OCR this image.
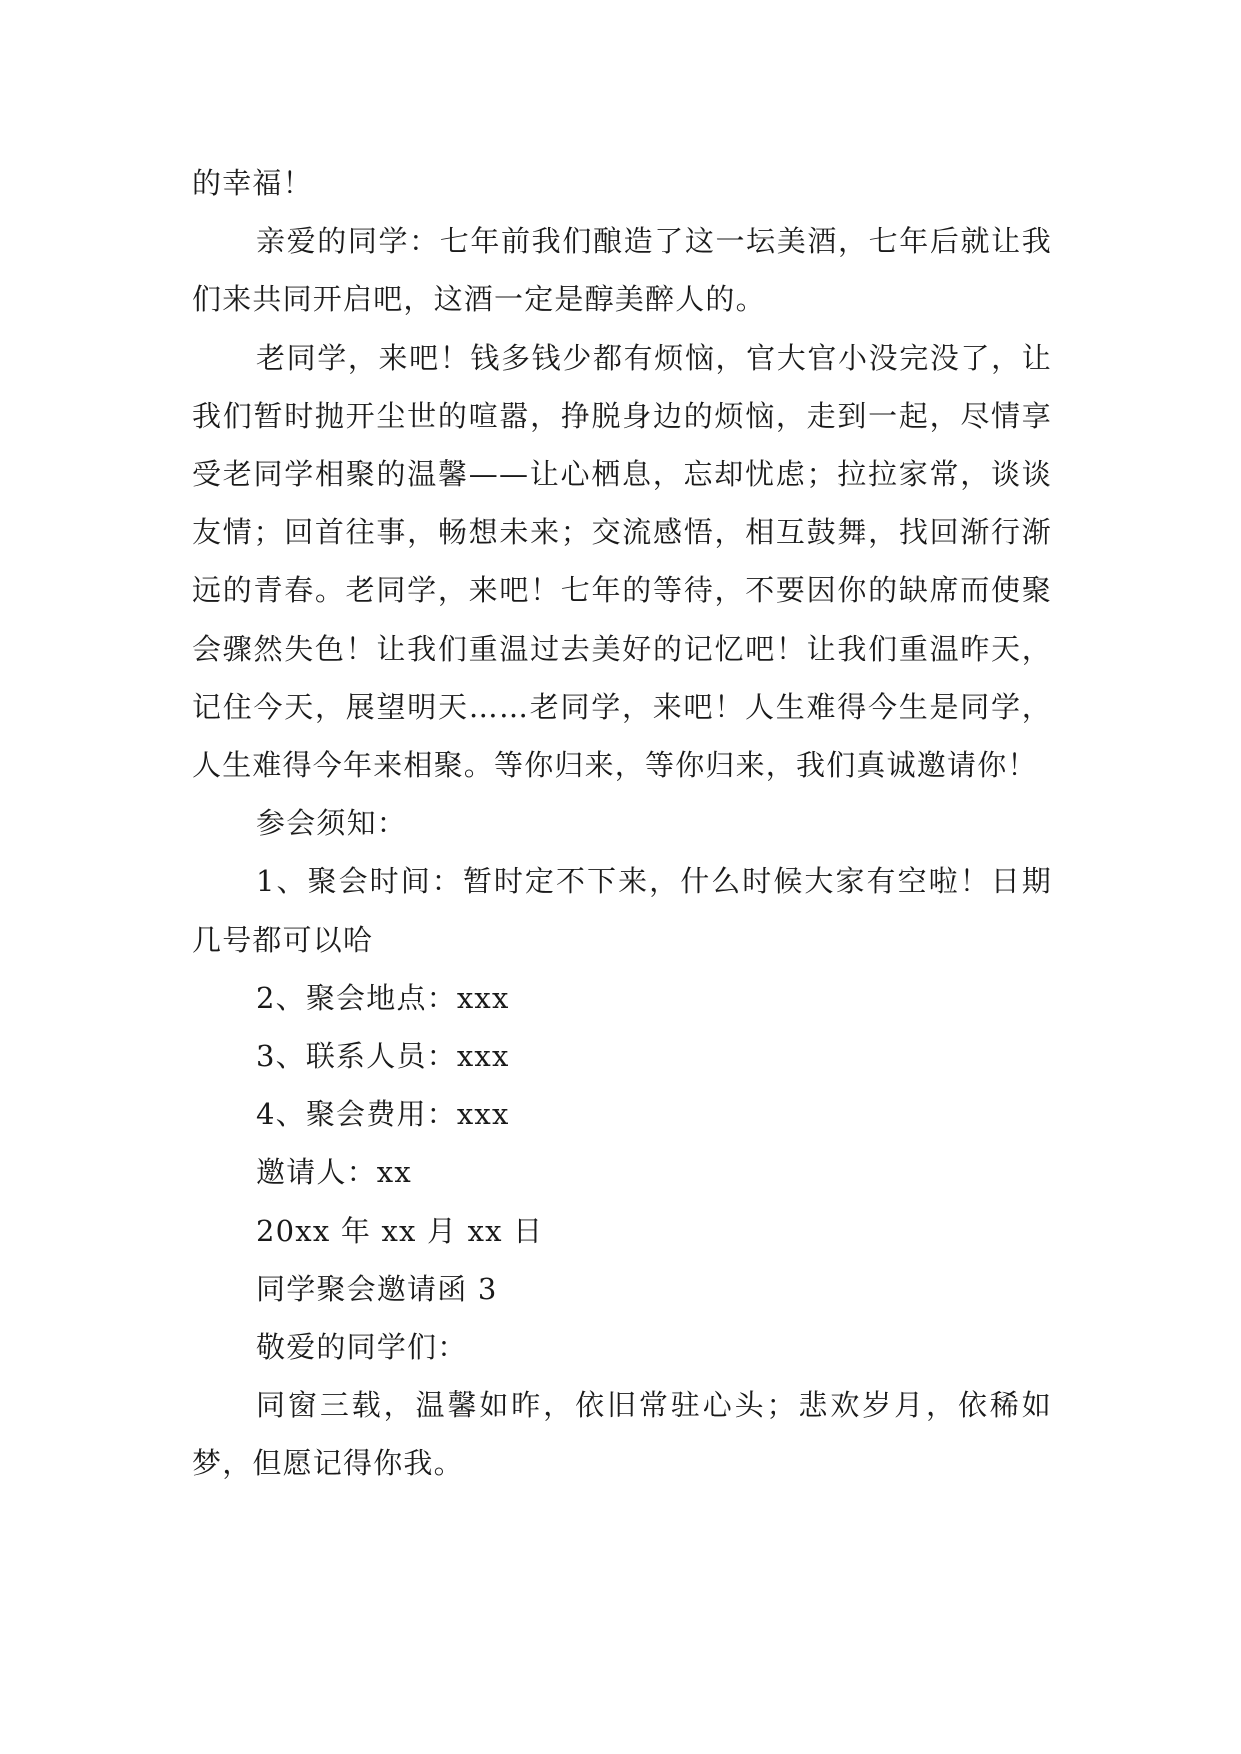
的幸福！

亲爱的同学：七年前我们酿造了这一坛美酒，七年后就让我们来共同开启吧，这酒一定是醇美醉人的。

老同学，来吧！钱多钱少都有烦恼，官大官小没完没了，让我们暂时抛开尘世的喧嚣，挣脱身边的烦恼，走到一起，尽情享受老同学相聚的温馨——让心栖息，忘却忧虑；拉拉家常，谈谈友情；回首往事，畅想未来；交流感悟，相互鼓舞，找回渐行渐远的青春。老同学，来吧！七年的等待，不要因你的缺席而使聚会骤然失色！让我们重温过去美好的记忆吧！让我们重温昨天，记住今天，展望明天……老同学，来吧！人生难得今生是同学，人生难得今年来相聚。等你归来，等你归来，我们真诚邀请你！

参会须知：

1、聚会时间：暂时定不下来，什么时候大家有空啦！日期几号都可以哈

2、聚会地点：xxx

3、联系人员：xxx

4、聚会费用：xxx

邀请人：xx

20xx 年 xx 月 xx 日

同学聚会邀请函 3

敬爱的同学们：

同窗三载，温馨如昨，依旧常驻心头；悲欢岁月，依稀如梦，但愿记得你我。
